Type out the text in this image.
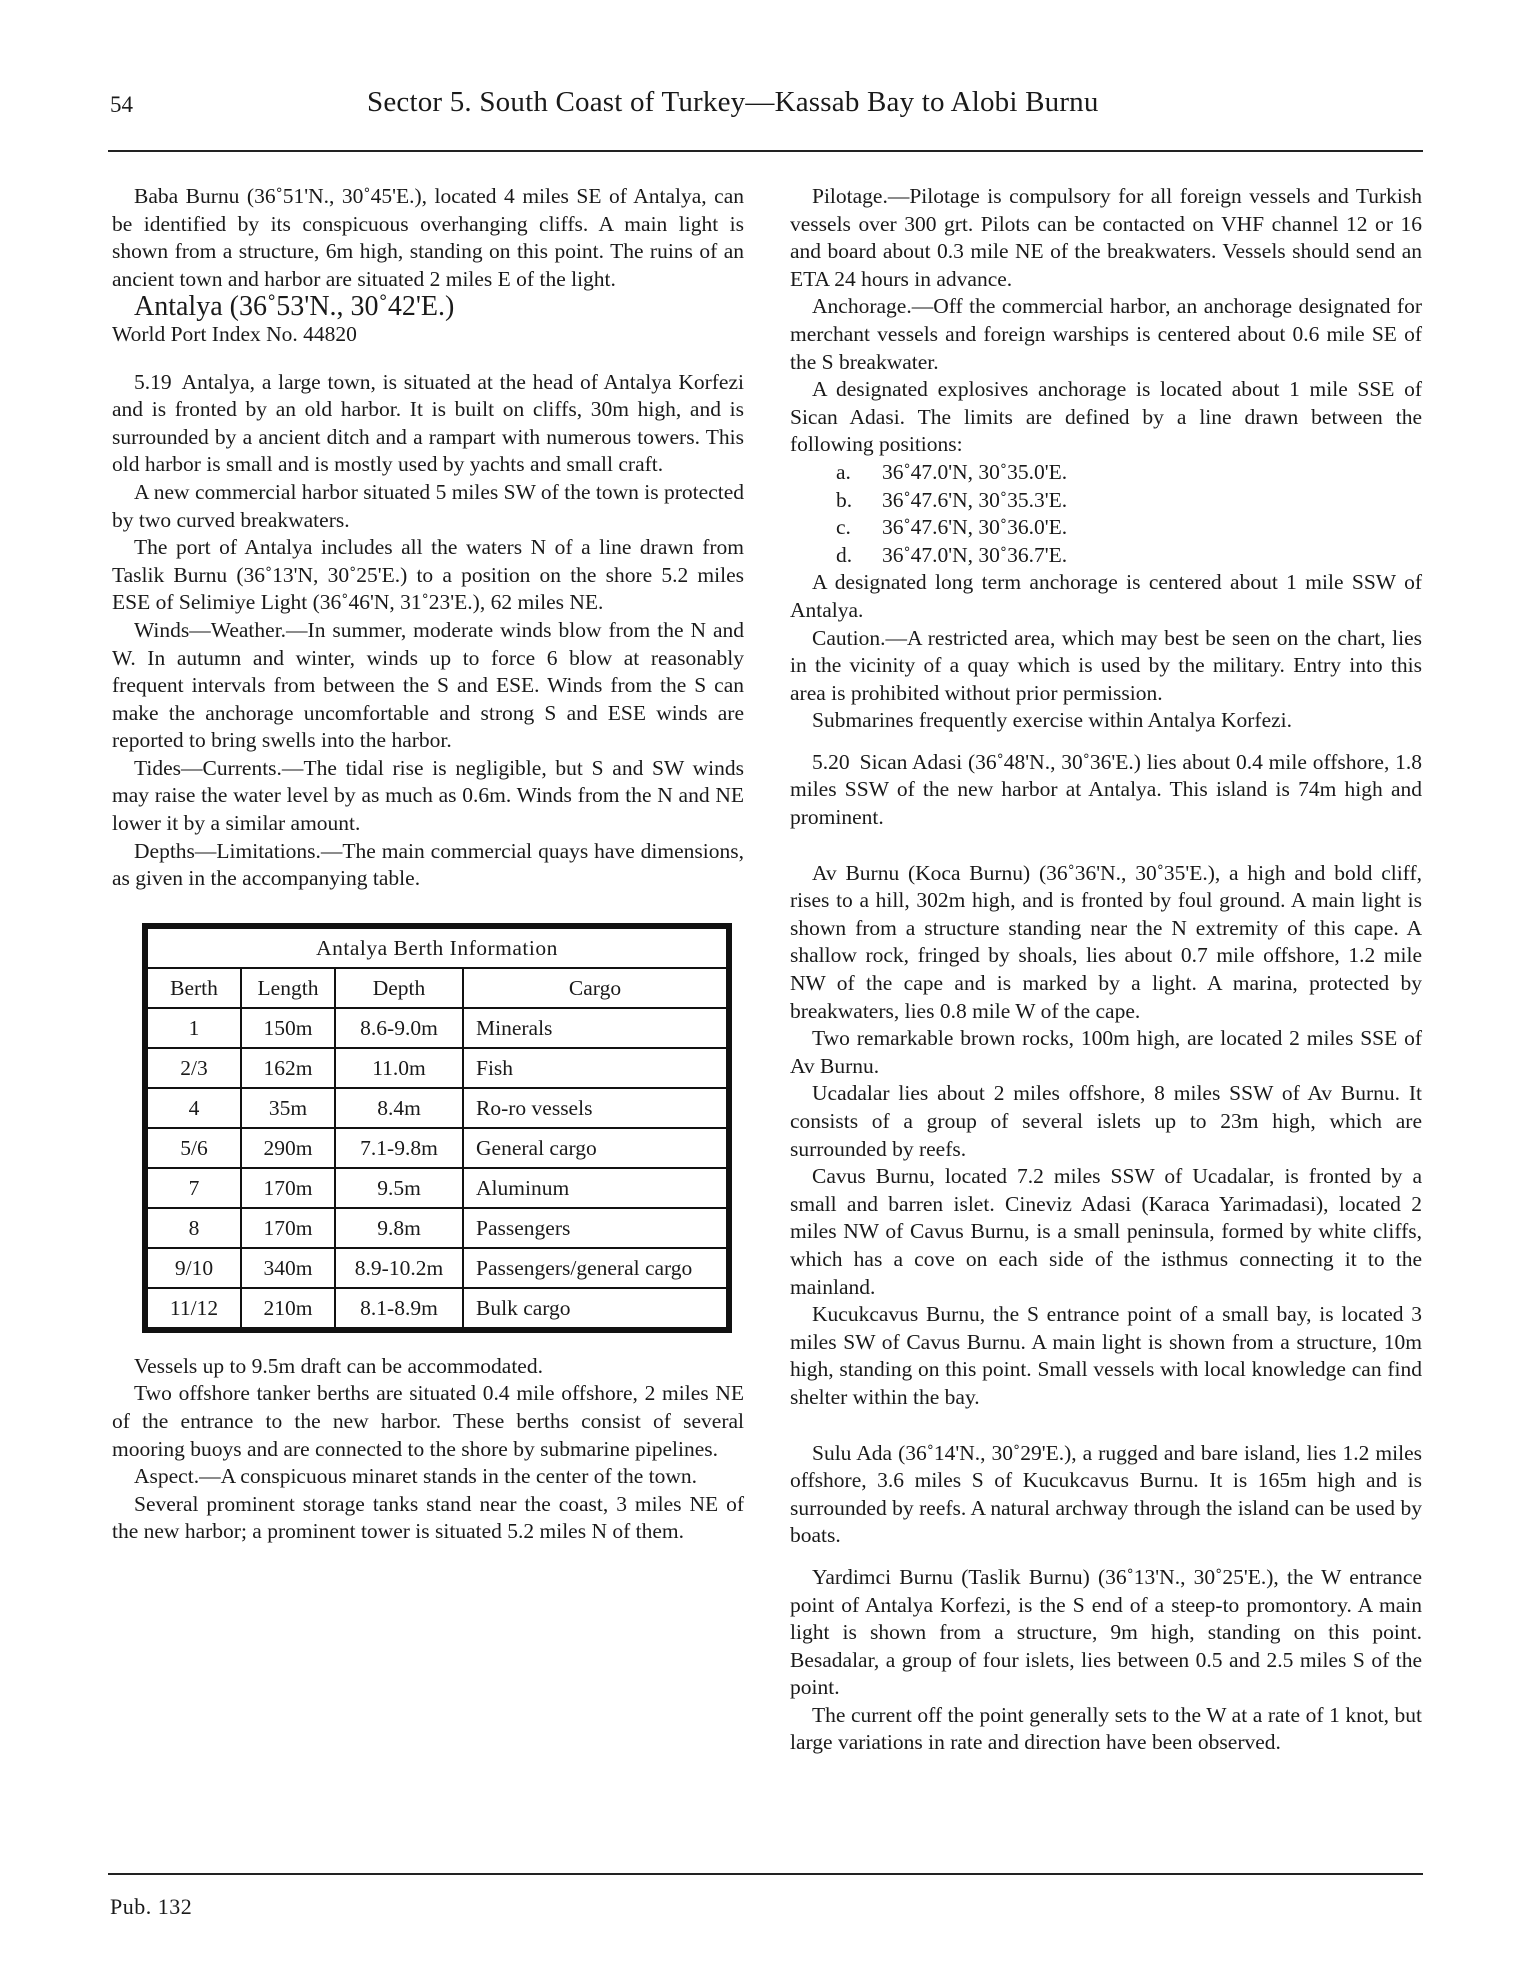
54	Sector 5. South Coast of Turkey—Kassab Bay to Alobi Burnu

Baba Burnu (36˚51'N., 30˚45'E.), located 4 miles SE of Antalya, can be identified by its conspicuous overhanging cliffs. A main light is shown from a structure, 6m high, standing on this point. The ruins of an ancient town and harbor are situated 2 miles E of the light.

Antalya (36˚53'N., 30˚42'E.)

World Port Index No. 44820

5.19 Antalya, a large town, is situated at the head of Antalya Korfezi and is fronted by an old harbor. It is built on cliffs, 30m high, and is surrounded by a ancient ditch and a rampart with numerous towers. This old harbor is small and is mostly used by yachts and small craft.

A new commercial harbor situated 5 miles SW of the town is protected by two curved breakwaters.

The port of Antalya includes all the waters N of a line drawn from Taslik Burnu (36˚13'N, 30˚25'E.) to a position on the shore 5.2 miles ESE of Selimiye Light (36˚46'N, 31˚23'E.), 62 miles NE.

Winds—Weather.—In summer, moderate winds blow from the N and W. In autumn and winter, winds up to force 6 blow at reasonably frequent intervals from between the S and ESE. Winds from the S can make the anchorage uncomfortable and strong S and ESE winds are reported to bring swells into the harbor.

Tides—Currents.—The tidal rise is negligible, but S and SW winds may raise the water level by as much as 0.6m. Winds from the N and NE lower it by a similar amount.

Depths—Limitations.—The main commercial quays have dimensions, as given in the accompanying table.

Antalya Berth Information			
Berth	Length	Depth	Cargo
1	150m	8.6-9.0m	Minerals
2/3	162m	11.0m	Fish
4	35m	8.4m	Ro-ro vessels
5/6	290m	7.1-9.8m	General cargo
7	170m	9.5m	Aluminum
8	170m	9.8m	Passengers
9/10	340m	8.9-10.2m	Passengers/general cargo
11/12	210m	8.1-8.9m	Bulk cargo

Vessels up to 9.5m draft can be accommodated.

Two offshore tanker berths are situated 0.4 mile offshore, 2 miles NE of the entrance to the new harbor. These berths consist of several mooring buoys and are connected to the shore by submarine pipelines.

Aspect.—A conspicuous minaret stands in the center of the town.

Several prominent storage tanks stand near the coast, 3 miles NE of the new harbor; a prominent tower is situated 5.2 miles N of them.

Pilotage.—Pilotage is compulsory for all foreign vessels and Turkish vessels over 300 grt. Pilots can be contacted on VHF channel 12 or 16 and board about 0.3 mile NE of the breakwaters. Vessels should send an ETA 24 hours in advance.

Anchorage.—Off the commercial harbor, an anchorage designated for merchant vessels and foreign warships is centered about 0.6 mile SE of the S breakwater.

A designated explosives anchorage is located about 1 mile SSE of Sican Adasi. The limits are defined by a line drawn between the following positions:

a.	36˚47.0'N, 30˚35.0'E.
b.	36˚47.6'N, 30˚35.3'E.
c.	36˚47.6'N, 30˚36.0'E.
d.	36˚47.0'N, 30˚36.7'E.

A designated long term anchorage is centered about 1 mile SSW of Antalya.

Caution.—A restricted area, which may best be seen on the chart, lies in the vicinity of a quay which is used by the military. Entry into this area is prohibited without prior permission.

Submarines frequently exercise within Antalya Korfezi.

5.20 Sican Adasi (36˚48'N., 30˚36'E.) lies about 0.4 mile offshore, 1.8 miles SSW of the new harbor at Antalya. This island is 74m high and prominent.

Av Burnu (Koca Burnu) (36˚36'N., 30˚35'E.), a high and bold cliff, rises to a hill, 302m high, and is fronted by foul ground. A main light is shown from a structure standing near the N extremity of this cape. A shallow rock, fringed by shoals, lies about 0.7 mile offshore, 1.2 mile NW of the cape and is marked by a light. A marina, protected by breakwaters, lies 0.8 mile W of the cape.

Two remarkable brown rocks, 100m high, are located 2 miles SSE of Av Burnu.

Ucadalar lies about 2 miles offshore, 8 miles SSW of Av Burnu. It consists of a group of several islets up to 23m high, which are surrounded by reefs.

Cavus Burnu, located 7.2 miles SSW of Ucadalar, is fronted by a small and barren islet. Cineviz Adasi (Karaca Yarimadasi), located 2 miles NW of Cavus Burnu, is a small peninsula, formed by white cliffs, which has a cove on each side of the isthmus connecting it to the mainland.

Kucukcavus Burnu, the S entrance point of a small bay, is located 3 miles SW of Cavus Burnu. A main light is shown from a structure, 10m high, standing on this point. Small vessels with local knowledge can find shelter within the bay.

Sulu Ada (36˚14'N., 30˚29'E.), a rugged and bare island, lies 1.2 miles offshore, 3.6 miles S of Kucukcavus Burnu. It is 165m high and is surrounded by reefs. A natural archway through the island can be used by boats.

Yardimci Burnu (Taslik Burnu) (36˚13'N., 30˚25'E.), the W entrance point of Antalya Korfezi, is the S end of a steep-to promontory. A main light is shown from a structure, 9m high, standing on this point. Besadalar, a group of four islets, lies between 0.5 and 2.5 miles S of the point.

The current off the point generally sets to the W at a rate of 1 knot, but large variations in rate and direction have been observed.

Pub. 132
